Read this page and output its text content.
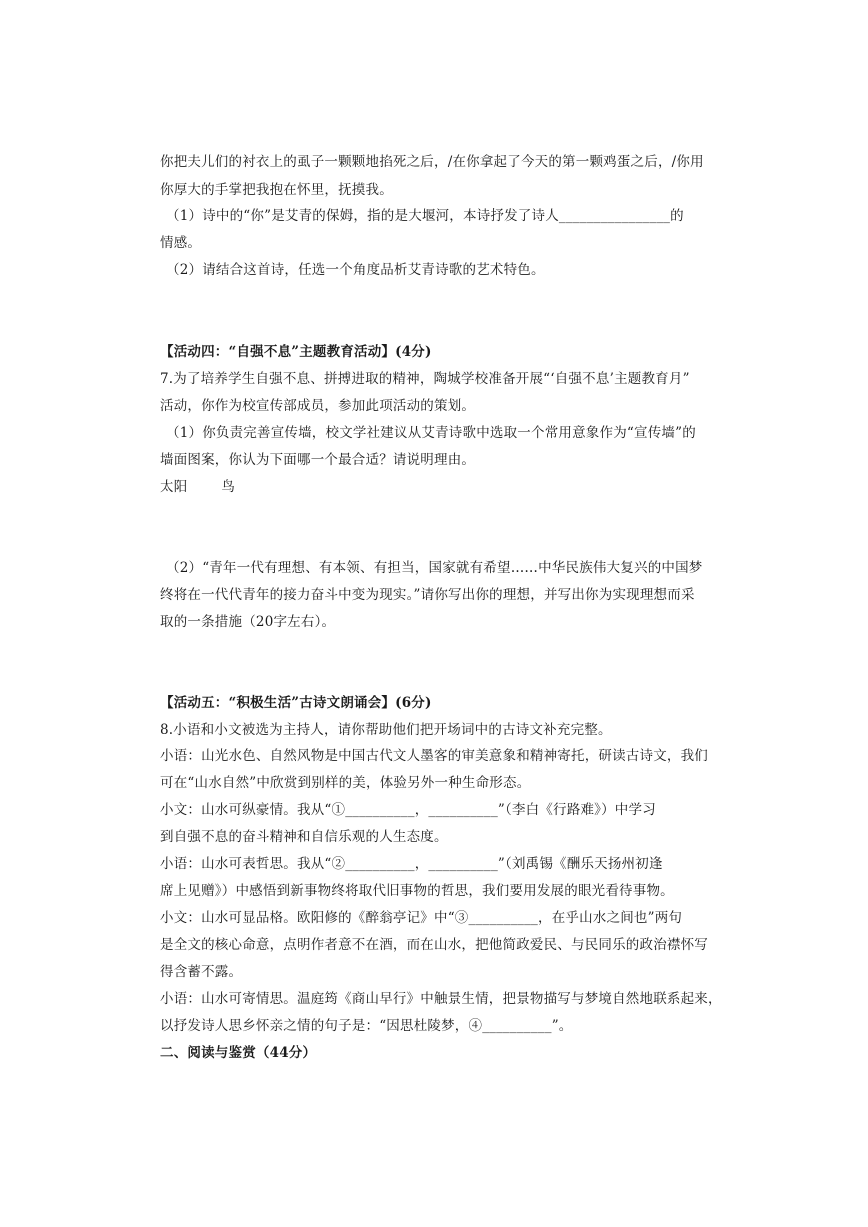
你把夫儿们的衬衣上的虱子一颗颗地掐死之后，/在你拿起了今天的第一颗鸡蛋之后，/你用
你厚大的手掌把我抱在怀里，抚摸我。
（1）诗中的“你”是艾青的保姆，指的是大堰河，本诗抒发了诗人________________的
情感。
（2）请结合这首诗，任选一个角度品析艾青诗歌的艺术特色。
【活动四：“自强不息”主题教育活动】(4分)
7.为了培养学生自强不息、拼搏进取的精神，陶城学校准备开展“‘自强不息’主题教育月”
活动，你作为校宣传部成员，参加此项活动的策划。
（1）你负责完善宣传墙，校文学社建议从艾青诗歌中选取一个常用意象作为“宣传墙”的
墙面图案，你认为下面哪一个最合适？请说明理由。
太阳	鸟
（2）“青年一代有理想、有本领、有担当，国家就有希望……中华民族伟大复兴的中国梦
终将在一代代青年的接力奋斗中变为现实。”请你写出你的理想，并写出你为实现理想而采
取的一条措施（20字左右）。
【活动五：“积极生活”古诗文朗诵会】(6分)
8.小语和小文被选为主持人，请你帮助他们把开场词中的古诗文补充完整。
小语：山光水色、自然风物是中国古代文人墨客的审美意象和精神寄托，研读古诗文，我们
可在“山水自然”中欣赏到别样的美，体验另外一种生命形态。
小文：山水可纵豪情。我从“①__________，__________”（李白《行路难》）中学习
到自强不息的奋斗精神和自信乐观的人生态度。
小语：山水可表哲思。我从“②__________，__________”（刘禹锡《酬乐天扬州初逢
席上见赠》）中感悟到新事物终将取代旧事物的哲思，我们要用发展的眼光看待事物。
小文：山水可显品格。欧阳修的《醉翁亭记》中“③__________，在乎山水之间也”两句
是全文的核心命意，点明作者意不在酒，而在山水，把他简政爱民、与民同乐的政治襟怀写
得含蓄不露。
小语：山水可寄情思。温庭筠《商山早行》中触景生情，把景物描写与梦境自然地联系起来，
以抒发诗人思乡怀亲之情的句子是：“因思杜陵梦，④__________”。
二、阅读与鉴赏（44分）
